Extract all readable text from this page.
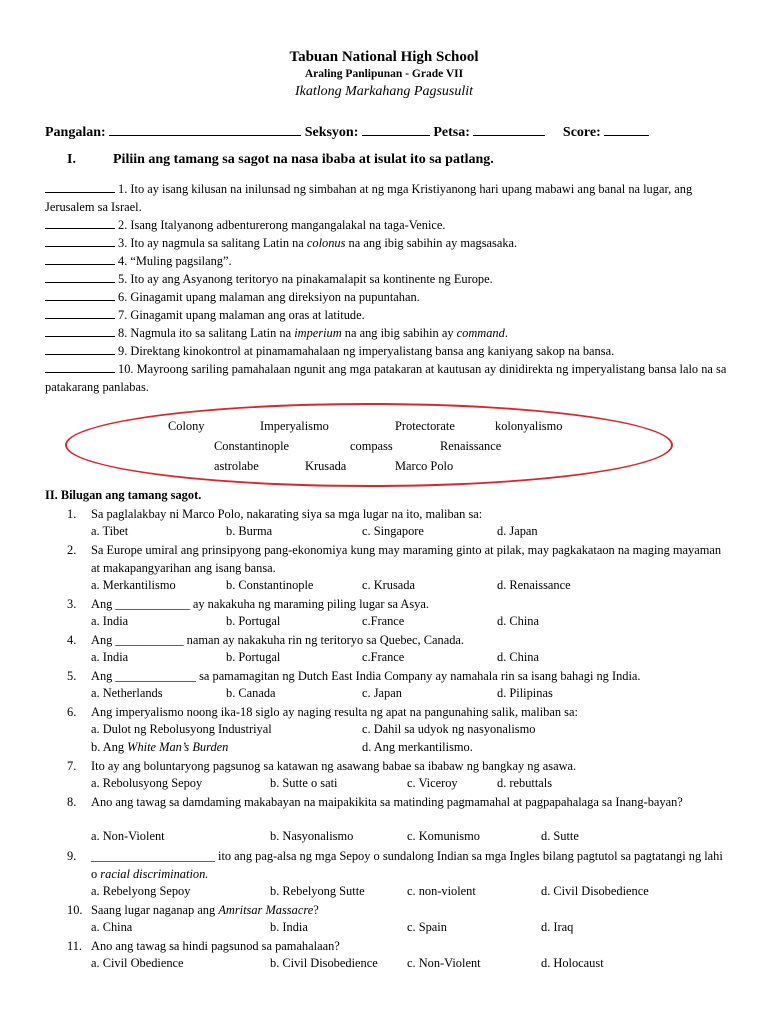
Tabuan National High School
Araling Panlipunan - Grade VII
Ikatlong Markahang Pagsusulit
Pangalan:	Seksyon:	Petsa:	Score:
I.	Piliin ang tamang sa sagot na nasa ibaba at isulat ito sa patlang.
1. Ito ay isang kilusan na inilunsad ng simbahan at ng mga Kristiyanong hari upang mabawi ang banal na lugar, ang Jerusalem sa Israel.
2. Isang Italyanong adbenturerong mangangalakal na taga-Venice.
3. Ito ay nagmula sa salitang Latin na colonus na ang ibig sabihin ay magsasaka.
4. “Muling pagsilang”.
5. Ito ay ang Asyanong teritoryo na pinakamalapit sa kontinente ng Europe.
6. Ginagamit upang malaman ang direksiyon na pupuntahan.
7. Ginagamit upang malaman ang oras at latitude.
8. Nagmula ito sa salitang Latin na imperium na ang ibig sabihin ay command.
9. Direktang kinokontrol at pinamamahalaan ng imperyalistang bansa ang kaniyang sakop na bansa.
10. Mayroong sariling pamahalaan ngunit ang mga patakaran at kautusan ay dinidirekta ng imperyalistang bansa lalo na sa patakarang panlabas.
Colony	Imperyalismo	Protectorate	kolonyalismo
Constantinople	compass	Renaissance
astrolabe	Krusada	Marco Polo
II. Bilugan ang tamang sagot.
1. Sa paglalakbay ni Marco Polo, nakarating siya sa mga lugar na ito, maliban sa:
a. Tibet	b. Burma	c. Singapore	d. Japan
2. Sa Europe umiral ang prinsipyong pang-ekonomiya kung may maraming ginto at pilak, may pagkakataon na maging mayaman at makapangyarihan ang isang bansa.
a. Merkantilismo	b. Constantinople	c. Krusada	d. Renaissance
3. Ang ____________ ay nakakuha ng maraming piling lugar sa Asya.
a. India	b. Portugal	c.France	d. China
4. Ang ___________ naman ay nakakuha rin ng teritoryo sa Quebec, Canada.
a. India	b. Portugal	c.France	d. China
5. Ang _____________ sa pamamagitan ng Dutch East India Company ay namahala rin sa isang bahagi ng India.
a. Netherlands	b. Canada	c. Japan	d. Pilipinas
6. Ang imperyalismo noong ika-18 siglo ay naging resulta ng apat na pangunahing salik, maliban sa:
a. Dulot ng Rebolusyong Industriyal	c. Dahil sa udyok ng nasyonalismo
b. Ang White Man’s Burden	d. Ang merkantilismo.
7. Ito ay ang boluntaryong pagsunog sa katawan ng asawang babae sa ibabaw ng bangkay ng asawa.
a. Rebolusyong Sepoy	b. Sutte o sati	c. Viceroy	d. rebuttals
8. Ano ang tawag sa damdaming makabayan na maipakikita sa matinding pagmamahal at pagpapahalaga sa Inang-bayan?
a. Non-Violent	b. Nasyonalismo	c. Komunismo	d. Sutte
9. ____________________ ito ang pag-alsa ng mga Sepoy o sundalong Indian sa mga Ingles bilang pagtutol sa pagtatangi ng lahi o racial discrimination.
a. Rebelyong Sepoy	b. Rebelyong Sutte	c. non-violent	d. Civil Disobedience
10. Saang lugar naganap ang Amritsar Massacre?
a. China	b. India	c. Spain	d. Iraq
11. Ano ang tawag sa hindi pagsunod sa pamahalaan?
a. Civil Obedience	b. Civil Disobedience c. Non-Violent	d. Holocaust
